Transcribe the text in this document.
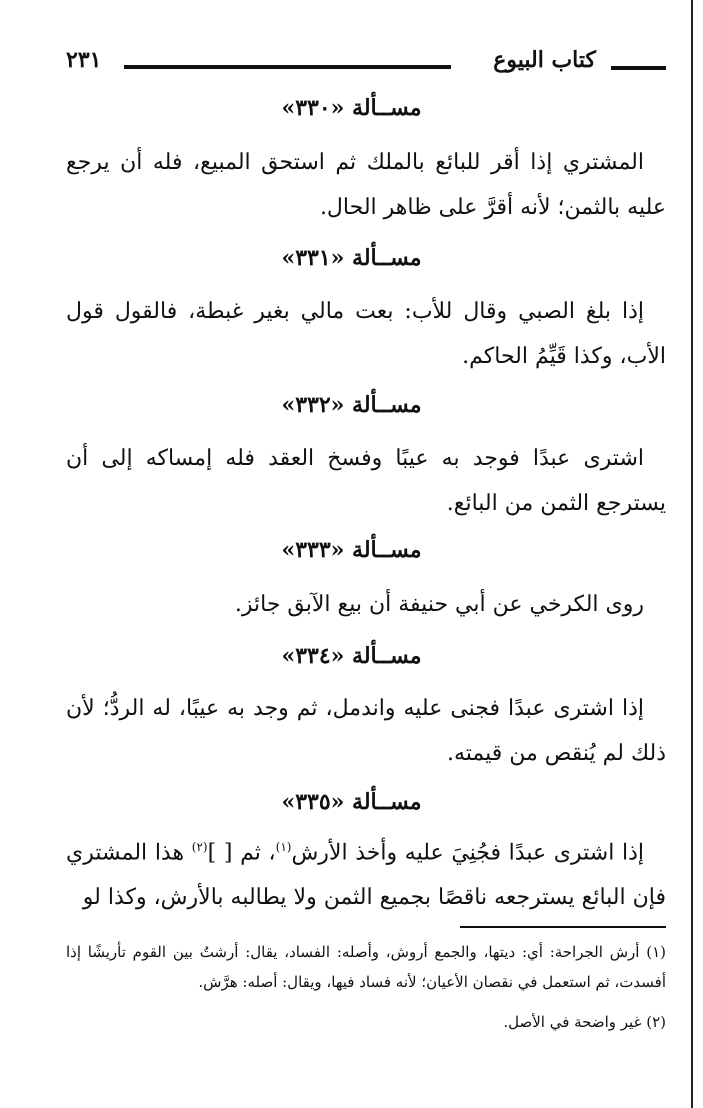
كتاب البيوع
٢٣١
مســألة «٣٣٠»

المشتري إذا أقر للبائع بالملك ثم استحق المبيع، فله أن يرجع عليه بالثمن؛ لأنه أقرَّ على ظاهر الحال.

مســألة «٣٣١»

إذا بلغ الصبي وقال للأب: بعت مالي بغير غبطة، فالقول قول الأب، وكذا قَيِّمُ الحاكم.

مســألة «٣٣٢»

اشترى عبدًا فوجد به عيبًا وفسخ العقد فله إمساكه إلى أن يسترجع الثمن من البائع.

مســألة «٣٣٣»

روى الكرخي عن أبي حنيفة أن بيع الآبق جائز.

مســألة «٣٣٤»

إذا اشترى عبدًا فجنى عليه واندمل، ثم وجد به عيبًا، له الردُّ؛ لأن ذلك لم يُنقص من قيمته.

مســألة «٣٣٥»

إذا اشترى عبدًا فجُنِيَ عليه وأخذ الأرش$^{(١)}$، ثم [ ]$^{(٢)}$ هذا المشتري فإن البائع يسترجعه ناقصًا بجميع الثمن ولا يطالبه بالأرش، وكذا لو

(١) أرش الجراحة: أي: ديتها، والجمع أروش، وأصله: الفساد، يقال: أرشتُ بين القوم تأريشًا إذا أفسدت، ثم استعمل في نقصان الأعيان؛ لأنه فساد فيها، ويقال: أصله: هرَّش.

(٢) غير واضحة في الأصل.
